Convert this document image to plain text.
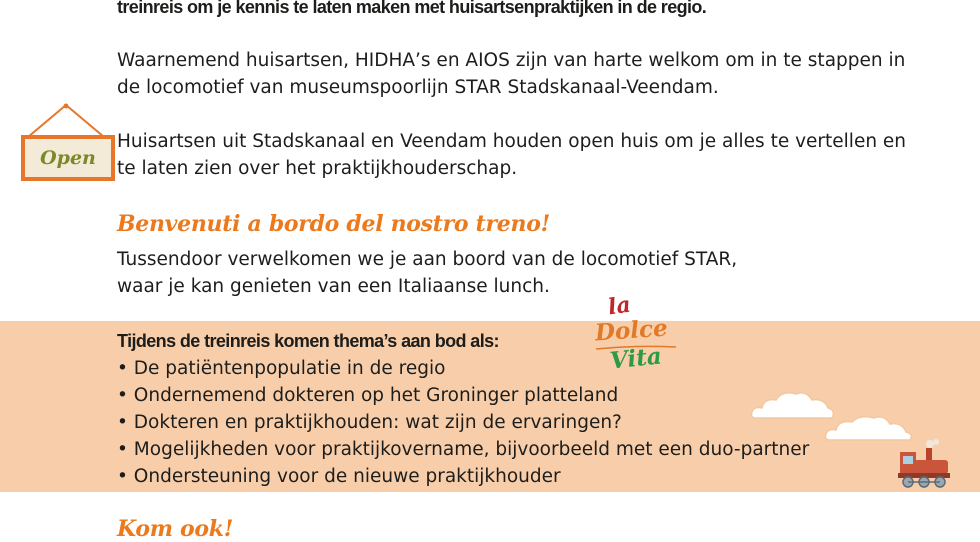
treinreis om je kennis te laten maken met huisartsenpraktijken in de regio.

Waarnemend huisartsen, HIDHA’s en AIOS zijn van harte welkom om in te stappen in

de locomotief van museumspoorlijn STAR Stadskanaal-Veendam.

Huisartsen uit Stadskanaal en Veendam houden open huis om je alles te vertellen en

te laten zien over het praktijkhouderschap.

Open

Benvenuti a bordo del nostro treno!

Tussendoor verwelkomen we je aan boord van de locomotief STAR,

waar je kan genieten van een Italiaanse lunch.

la
Dolce
Vita

Tijdens de treinreis komen thema’s aan bod als:

• De patiëntenpopulatie in de regio
• Ondernemend dokteren op het Groninger platteland
• Dokteren en praktijkhouden: wat zijn de ervaringen?
• Mogelijkheden voor praktijkovername, bijvoorbeeld met een duo-partner
• Ondersteuning voor de nieuwe praktijkhouder

Kom ook!
